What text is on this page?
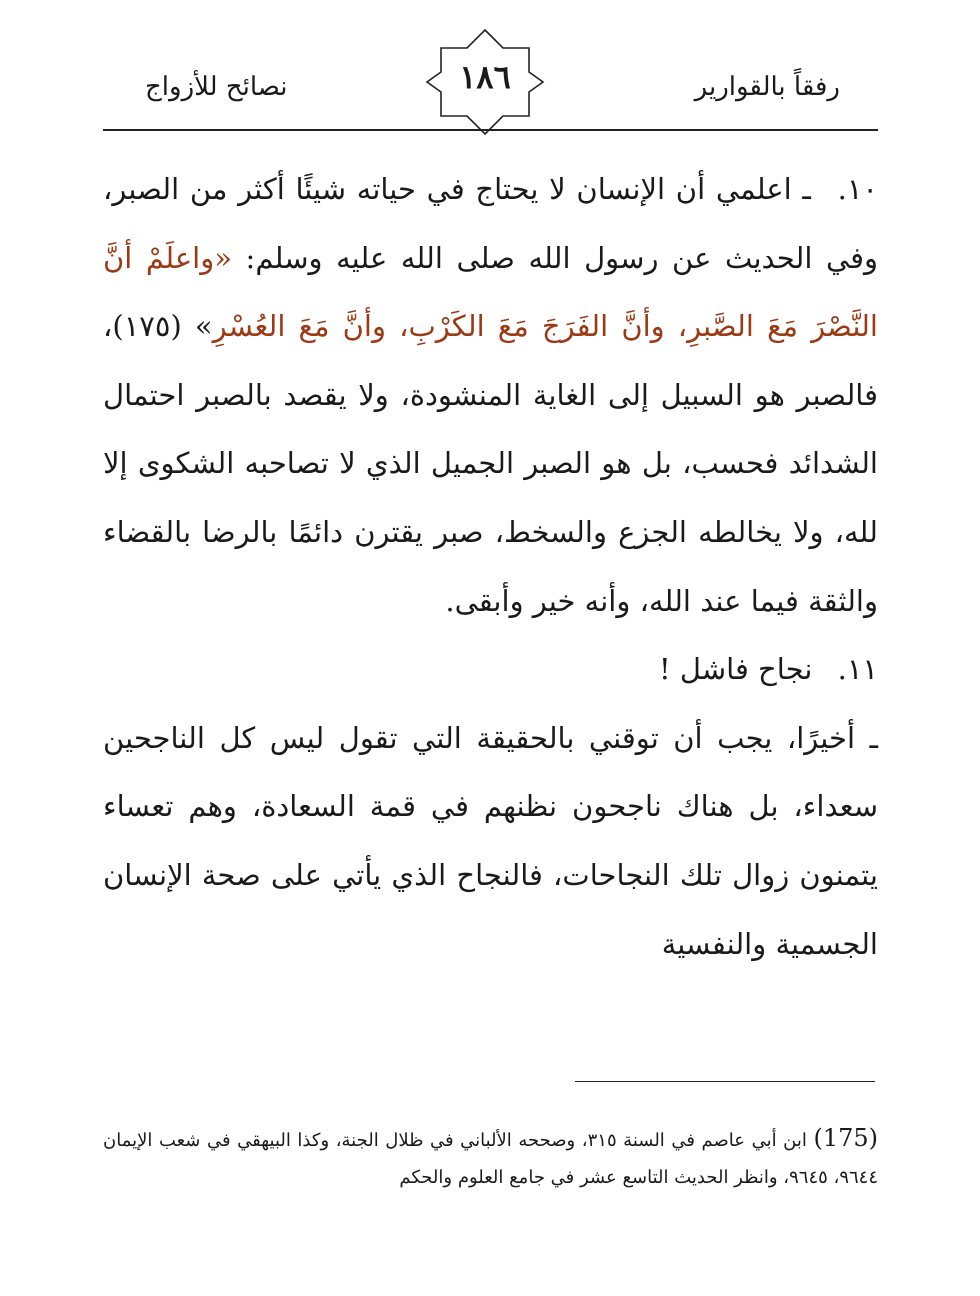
رفقاً بالقوارير
١٨٦
نصائح للأزواج

١٠. ـ اعلمي أن الإنسان لا يحتاج في حياته شيئًا أكثر من الصبر، وفي الحديث عن رسول الله صلى الله عليه وسلم: «واعلَمْ أنَّ النَّصْرَ مَعَ الصَّبرِ، وأنَّ الفَرَجَ مَعَ الكَرْبِ، وأنَّ مَعَ العُسْرِ» (١٧٥)، فالصبر هو السبيل إلى الغاية المنشودة، ولا يقصد بالصبر احتمال الشدائد فحسب، بل هو الصبر الجميل الذي لا تصاحبه الشكوى إلا لله، ولا يخالطه الجزع والسخط، صبر يقترن دائمًا بالرضا بالقضاء والثقة فيما عند الله، وأنه خير وأبقى.

١١. نجاح فاشل !

ـ أخيرًا، يجب أن توقني بالحقيقة التي تقول ليس كل الناجحين سعداء، بل هناك ناجحون نظنهم في قمة السعادة، وهم تعساء يتمنون زوال تلك النجاحات، فالنجاح الذي يأتي على صحة الإنسان الجسمية والنفسية

(175) ابن أبي عاصم في السنة ٣١٥، وصححه الألباني في ظلال الجنة، وكذا البيهقي في شعب الإيمان ٩٦٤٤، ٩٦٤٥، وانظر الحديث التاسع عشر في جامع العلوم والحكم
